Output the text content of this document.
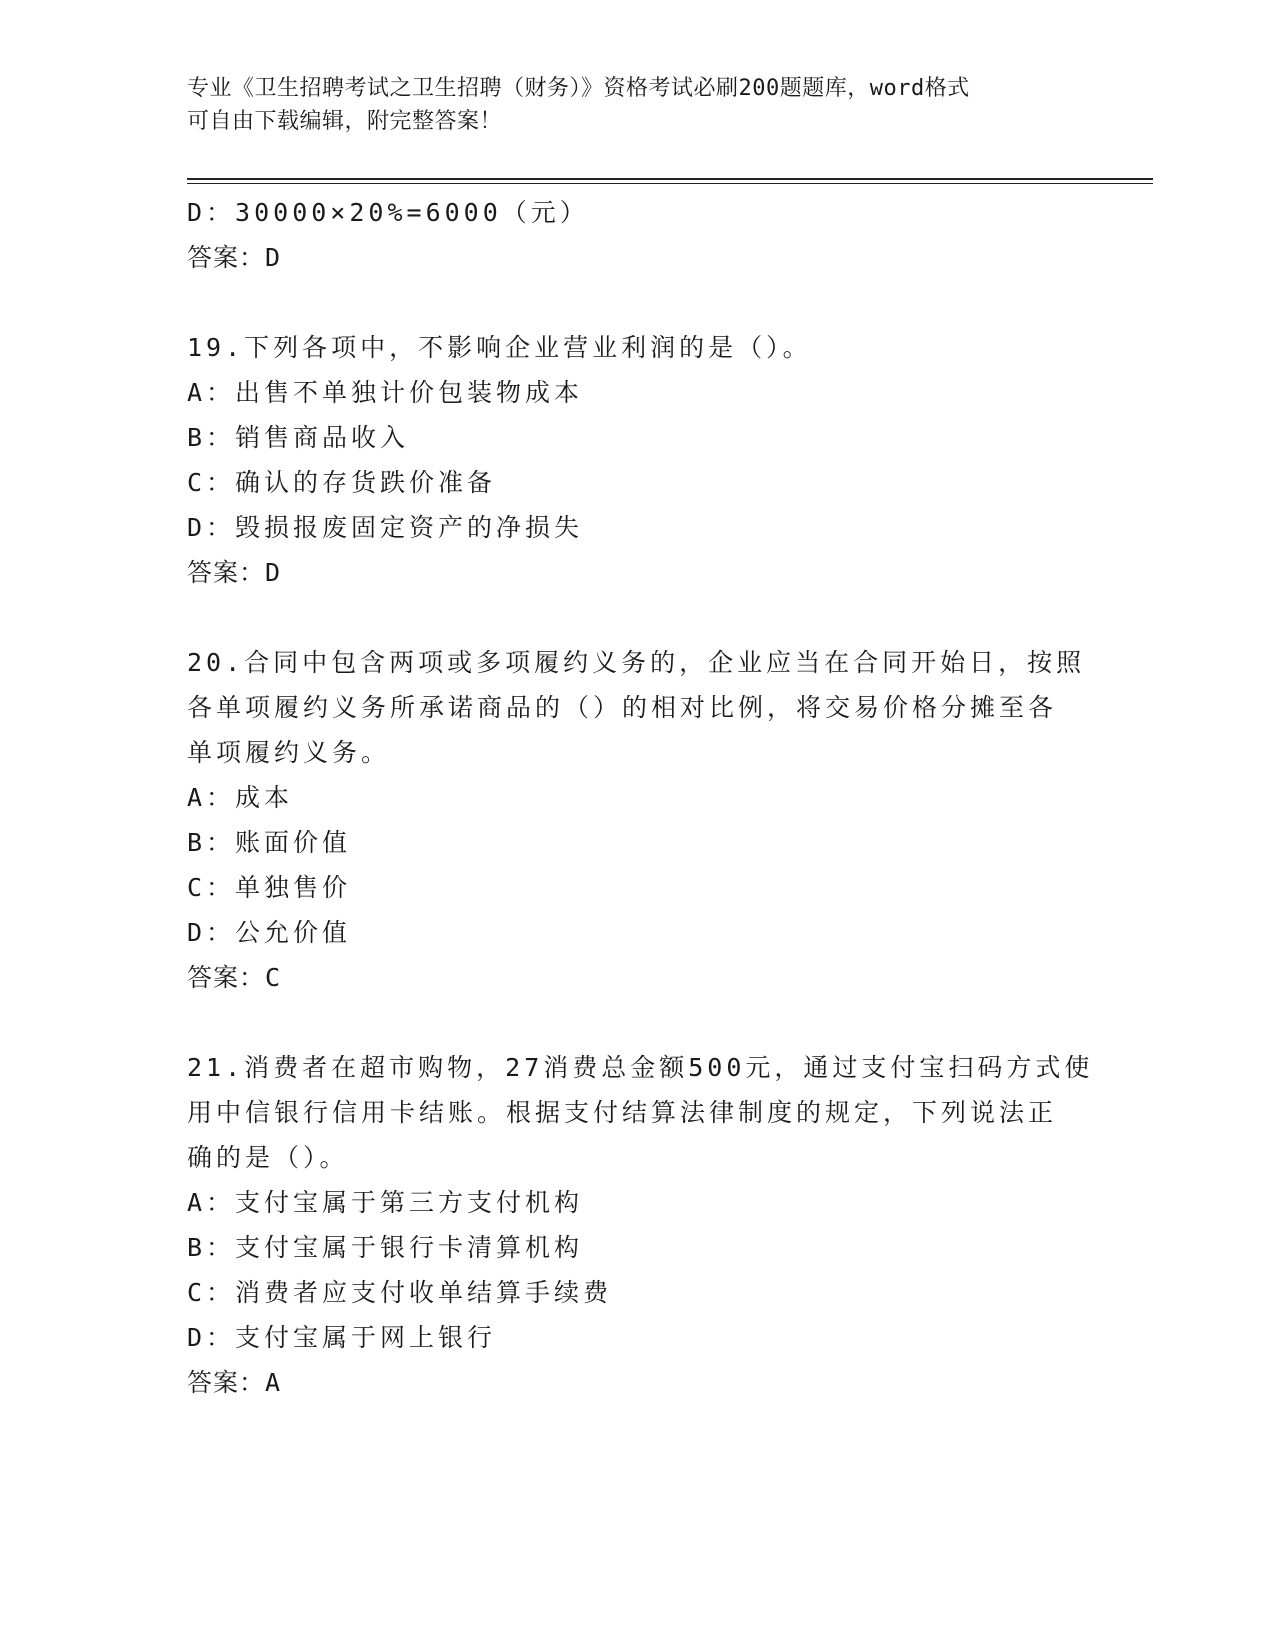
专业《卫生招聘考试之卫生招聘（财务）》资格考试必刷200题题库，word格式
可自由下载编辑，附完整答案！
D：30000×20%=6000（元）
答案：D
19.下列各项中，不影响企业营业利润的是（）。
A：出售不单独计价包装物成本
B：销售商品收入
C：确认的存货跌价准备
D：毁损报废固定资产的净损失
答案：D
20.合同中包含两项或多项履约义务的，企业应当在合同开始日，按照
各单项履约义务所承诺商品的（）的相对比例，将交易价格分摊至各
单项履约义务。
A：成本
B：账面价值
C：单独售价
D：公允价值
答案：C
21.消费者在超市购物，27消费总金额500元，通过支付宝扫码方式使
用中信银行信用卡结账。根据支付结算法律制度的规定，下列说法正
确的是（）。
A：支付宝属于第三方支付机构
B：支付宝属于银行卡清算机构
C：消费者应支付收单结算手续费
D：支付宝属于网上银行
答案：A
